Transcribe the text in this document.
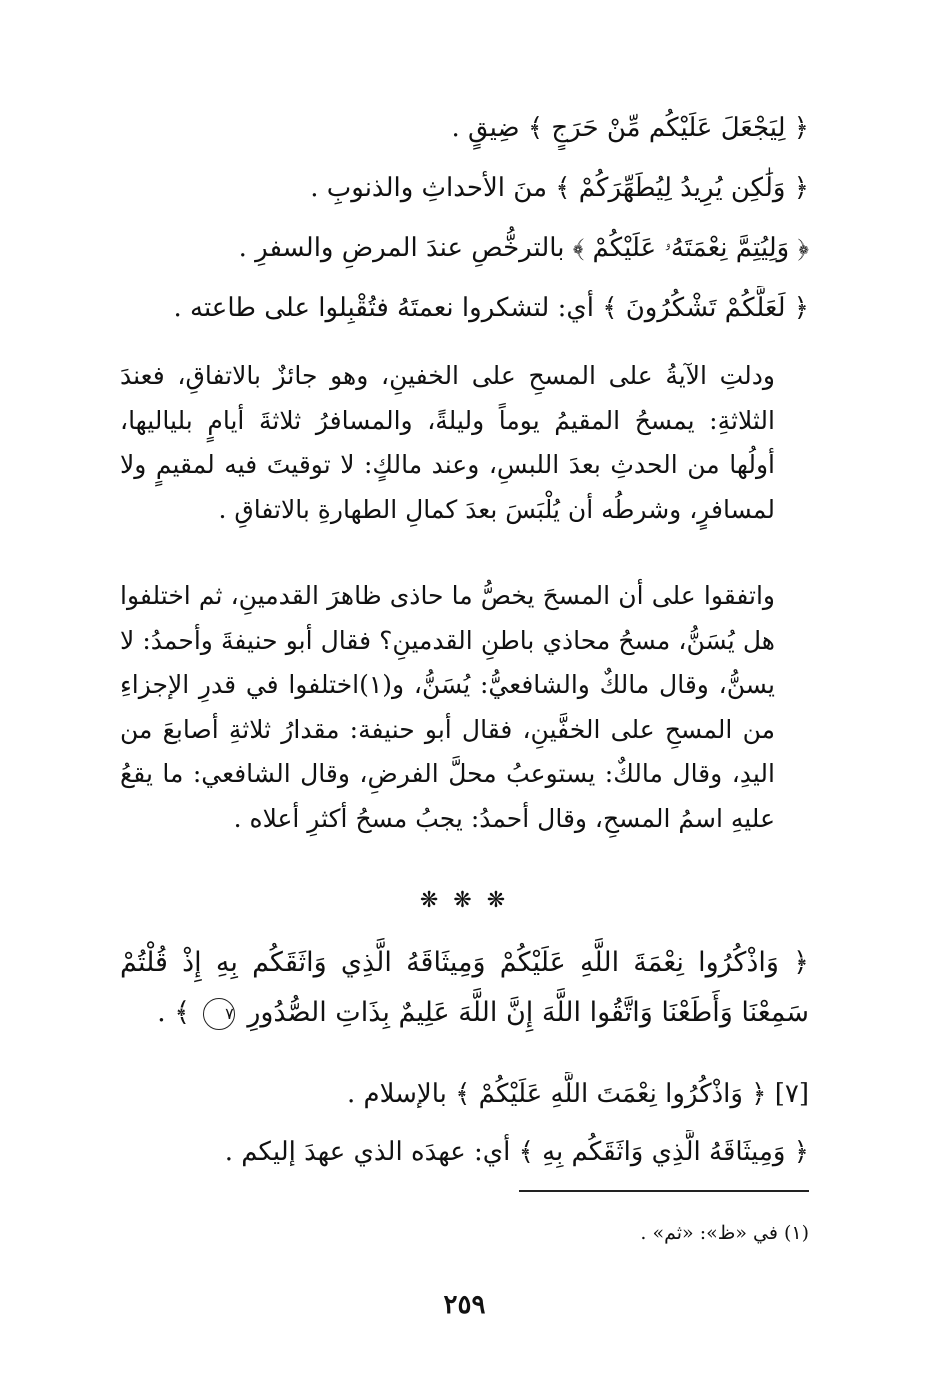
﴿ لِيَجْعَلَ عَلَيْكُم مِّنْ حَرَجٍ ﴾ ضِيقٍ .
﴿ وَلَٰكِن يُرِيدُ لِيُطَهِّرَكُمْ ﴾ منَ الأحداثِ والذنوبِ .
﴿ وَلِيُتِمَّ نِعْمَتَهُۥ عَلَيْكُمْ ﴾ بالترخُّصِ عندَ المرضِ والسفرِ .
﴿ لَعَلَّكُمْ تَشْكُرُونَ ﴾ أي: لتشكروا نعمتَهُ فتُقْبِلوا على طاعته .

ودلتِ الآيةُ على المسحِ على الخفينِ، وهو جائزٌ بالاتفاقِ، فعندَ الثلاثةِ: يمسحُ المقيمُ يوماً وليلةً، والمسافرُ ثلاثةَ أيامٍ بلياليها، أولُها من الحدثِ بعدَ اللبسِ، وعند مالكٍ: لا توقيتَ فيه لمقيمٍ ولا لمسافرٍ، وشرطُه أن يُلْبَسَ بعدَ كمالِ الطهارةِ بالاتفاقِ .

واتفقوا على أن المسحَ يخصُّ ما حاذى ظاهرَ القدمينِ، ثم اختلفوا هل يُسَنُّ، مسحُ محاذي باطنِ القدمينِ؟ فقال أبو حنيفةَ وأحمدُ: لا يسنُّ، وقال مالكٌ والشافعيُّ: يُسَنُّ، و(١)اختلفوا في قدرِ الإجزاءِ من المسحِ على الخفَّينِ، فقال أبو حنيفة: مقدارُ ثلاثةِ أصابعَ من اليدِ، وقال مالكٌ: يستوعبُ محلَّ الفرضِ، وقال الشافعي: ما يقعُ عليهِ اسمُ المسحِ، وقال أحمدُ: يجبُ مسحُ أكثرِ أعلاه .

❋ ❋ ❋
﴿ وَاذْكُرُوا نِعْمَةَ اللَّهِ عَلَيْكُمْ وَمِيثَاقَهُ الَّذِي وَاثَقَكُم بِهِ إِذْ قُلْتُمْ سَمِعْنَا وَأَطَعْنَا وَاتَّقُوا اللَّهَ إِنَّ اللَّهَ عَلِيمٌ بِذَاتِ الصُّدُورِ ٧ ﴾ .
[٧] ﴿ وَاذْكُرُوا نِعْمَتَ اللَّهِ عَلَيْكُمْ ﴾ بالإسلام .
﴿ وَمِيثَاقَهُ الَّذِي وَاثَقَكُم بِهِ ﴾ أي: عهدَه الذي عهدَ إليكم .
(١) في «ظ»: «ثم» .
٢٥٩
